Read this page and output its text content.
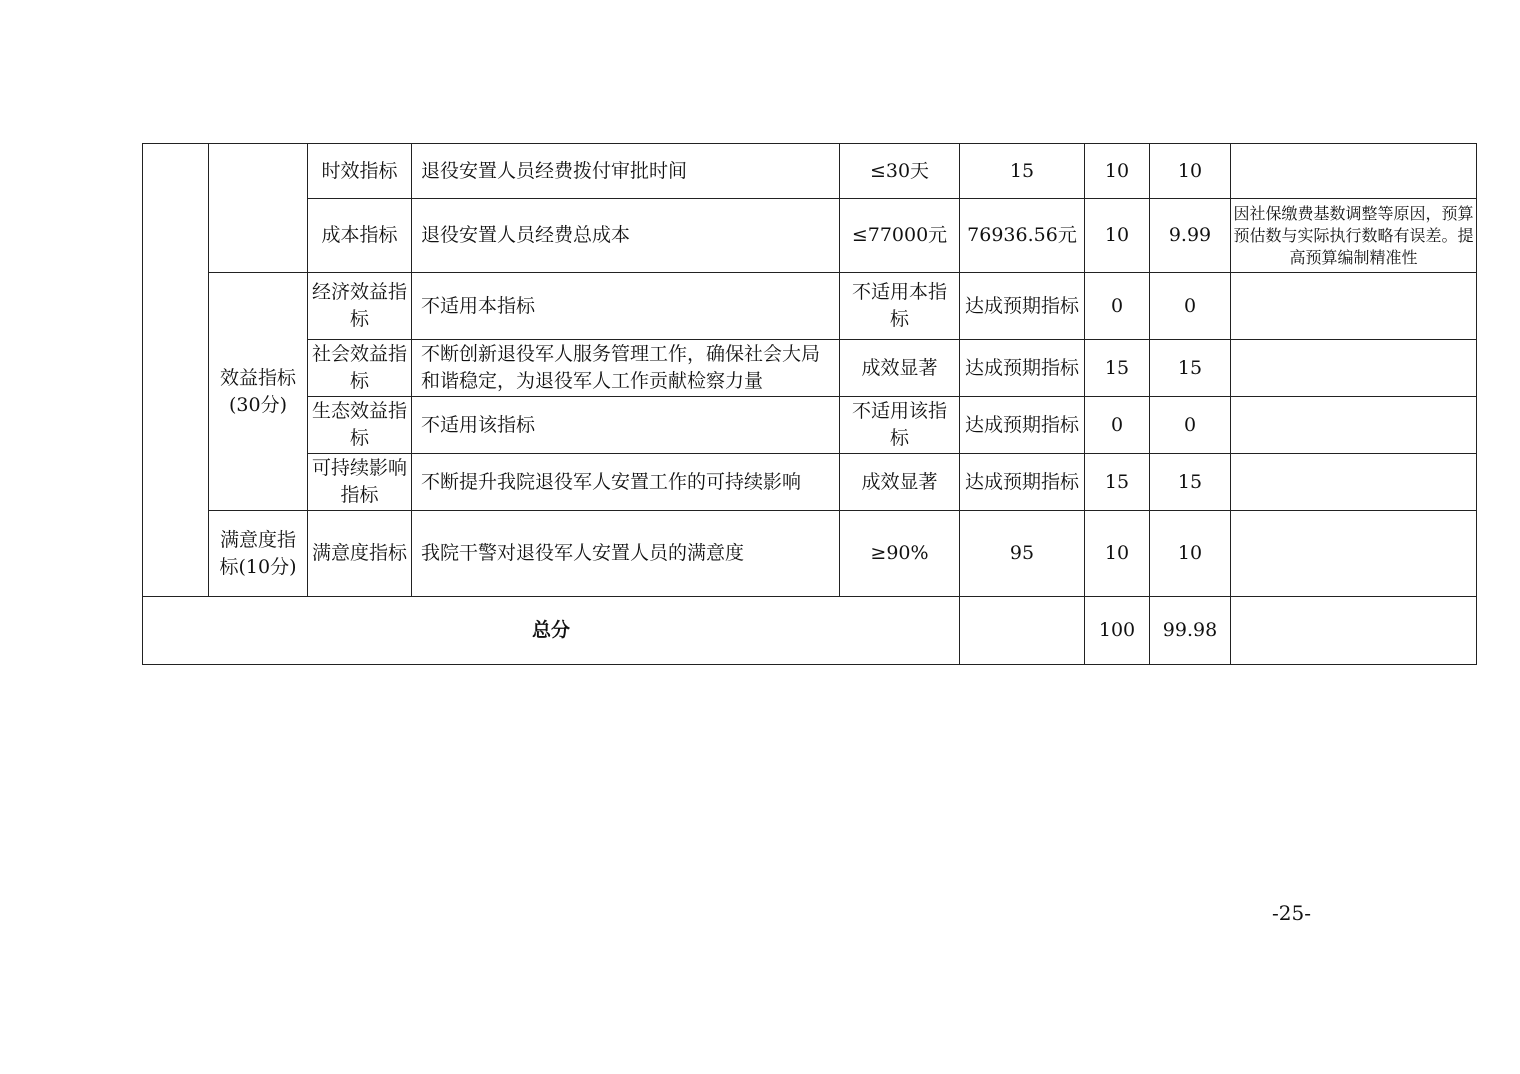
		时效指标	退役安置人员经费拨付审批时间	≤30天	15	10	10	
		成本指标	退役安置人员经费总成本	≤77000元	76936.56元	10	9.99	因社保缴费基数调整等原因，预算预估数与实际执行数略有误差。提高预算编制精准性
	效益指标(30分)	经济效益指标	不适用本指标	不适用本指标	达成预期指标	0	0	
		社会效益指标	不断创新退役军人服务管理工作，确保社会大局和谐稳定，为退役军人工作贡献检察力量	成效显著	达成预期指标	15	15	
		生态效益指标	不适用该指标	不适用该指标	达成预期指标	0	0	
		可持续影响指标	不断提升我院退役军人安置工作的可持续影响	成效显著	达成预期指标	15	15	
	满意度指标(10分)	满意度指标	我院干警对退役军人安置人员的满意度	≥90%	95	10	10	
总分		100	99.98	
-25-
